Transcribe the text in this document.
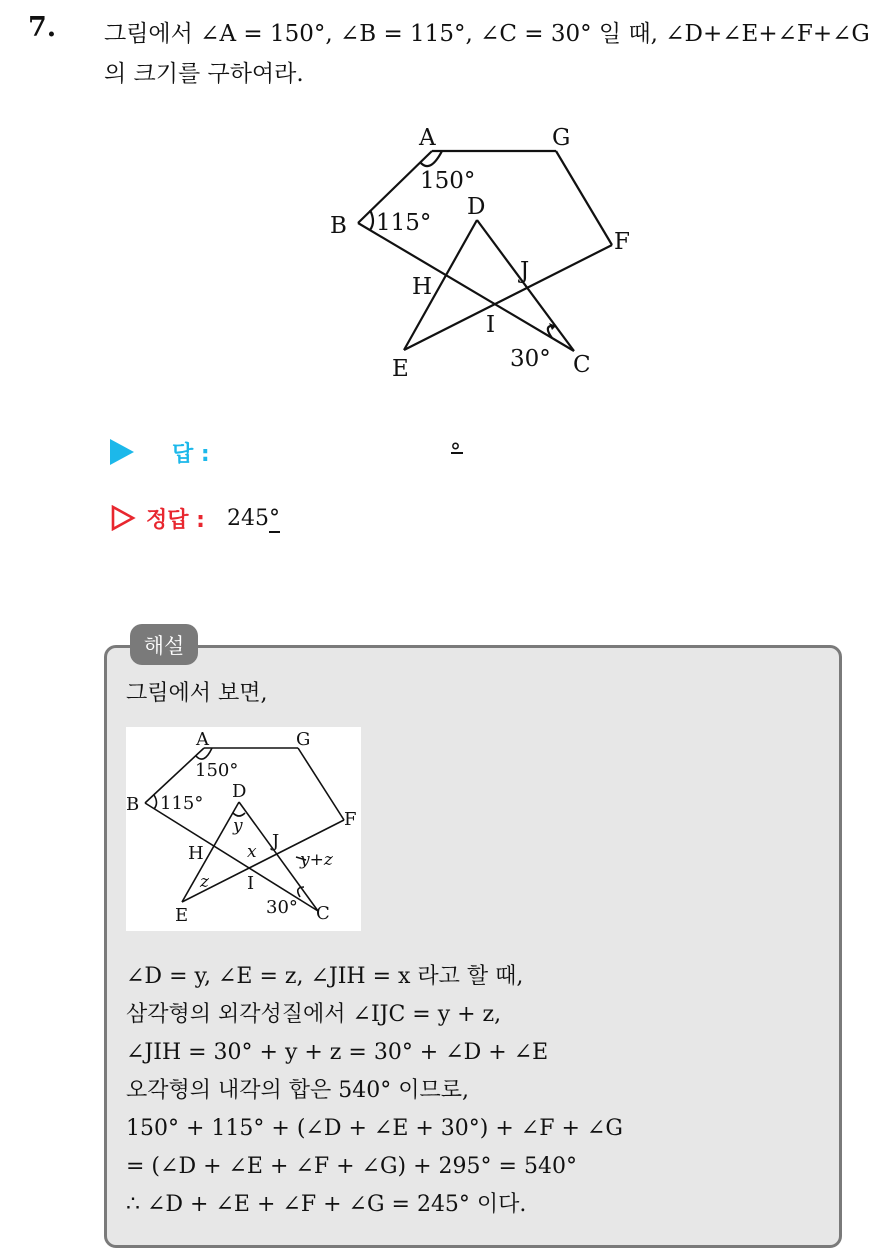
7. 그림에서 ∠A = 150°, ∠B = 115°, ∠C = 30° 일 때, ∠D+∠E+∠F+∠G
의 크기를 구하여라.
A	G
B
D
F
J
H
I
E	C
150°
115°
30°
답 :	°
정답 : 245°
해설
그림에서 보면,
A	G
B
D
F
J
H
I
E	C
150°
115°
30°
y
x
z
y+z
∠D = y, ∠E = z, ∠JIH = x 라고 할 때,
삼각형의 외각성질에서 ∠IJC = y + z,
∠JIH = 30° + y + z = 30° + ∠D + ∠E
오각형의 내각의 합은 540° 이므로,
150° + 115° + (∠D + ∠E + 30°) + ∠F + ∠G
= (∠D + ∠E + ∠F + ∠G) + 295° = 540°
∴ ∠D + ∠E + ∠F + ∠G = 245° 이다.
